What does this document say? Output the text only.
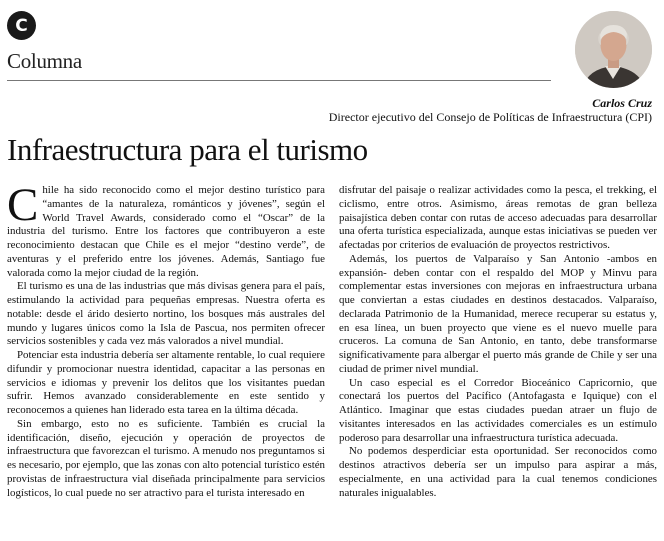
C
Columna
Carlos Cruz
Director ejecutivo del Consejo de Políticas de Infraestructura (CPI)
Infraestructura para el turismo

Chile ha sido reconocido como el mejor destino turístico para “amantes de la naturaleza, románticos y jóvenes”, según el World Travel Awards, considerado como el “Oscar” de la industria del turismo. Entre los factores que contribuyeron a este reconocimiento destacan que Chile es el mejor “destino verde”, de aventuras y el preferido entre los jóvenes. Además, Santiago fue valorada como la mejor ciudad de la región.

El turismo es una de las industrias que más divisas genera para el país, estimulando la actividad para pequeñas empresas. Nuestra oferta es notable: desde el árido desierto nortino, los bosques más australes del mundo y lugares únicos como la Isla de Pascua, nos permiten ofrecer servicios sostenibles y cada vez más valorados a nivel mundial.

Potenciar esta industria debería ser altamente rentable, lo cual requiere difundir y promocionar nuestra identidad, capacitar a las personas en servicios e idiomas y prevenir los delitos que los visitantes puedan sufrir. Hemos avanzado considerablemente en este sentido y reconocemos a quienes han liderado esta tarea en la última década.

Sin embargo, esto no es suficiente. También es crucial la identificación, diseño, ejecución y operación de proyectos de infraestructura que favorezcan el turismo. A menudo nos preguntamos si es necesario, por ejemplo, que las zonas con alto potencial turístico estén provistas de infraestructura vial diseñada principalmente para servicios logísticos, lo cual puede no ser atractivo para el turista interesado en

disfrutar del paisaje o realizar actividades como la pesca, el trekking, el ciclismo, entre otros. Asimismo, áreas remotas de gran belleza paisajística deben contar con rutas de acceso adecuadas para desarrollar una oferta turística especializada, aunque estas iniciativas se pueden ver afectadas por criterios de evaluación de proyectos restrictivos.

Además, los puertos de Valparaíso y San Antonio -ambos en expansión- deben contar con el respaldo del MOP y Minvu para complementar estas inversiones con mejoras en infraestructura urbana que conviertan a estas ciudades en destinos destacados. Valparaíso, declarada Patrimonio de la Humanidad, merece recuperar su estatus y, en esa línea, un buen proyecto que viene es el nuevo muelle para cruceros. La comuna de San Antonio, en tanto, debe transformarse significativamente para albergar el puerto más grande de Chile y ser una ciudad de primer nivel mundial.

Un caso especial es el Corredor Bioceánico Capricornio, que conectará los puertos del Pacífico (Antofagasta e Iquique) con el Atlántico. Imaginar que estas ciudades puedan atraer un flujo de visitantes interesados en las actividades comerciales es un estímulo poderoso para desarrollar una infraestructura turística adecuada.

No podemos desperdiciar esta oportunidad. Ser reconocidos como destinos atractivos debería ser un impulso para aspirar a más, especialmente, en una actividad para la cual tenemos condiciones naturales inigualables.
